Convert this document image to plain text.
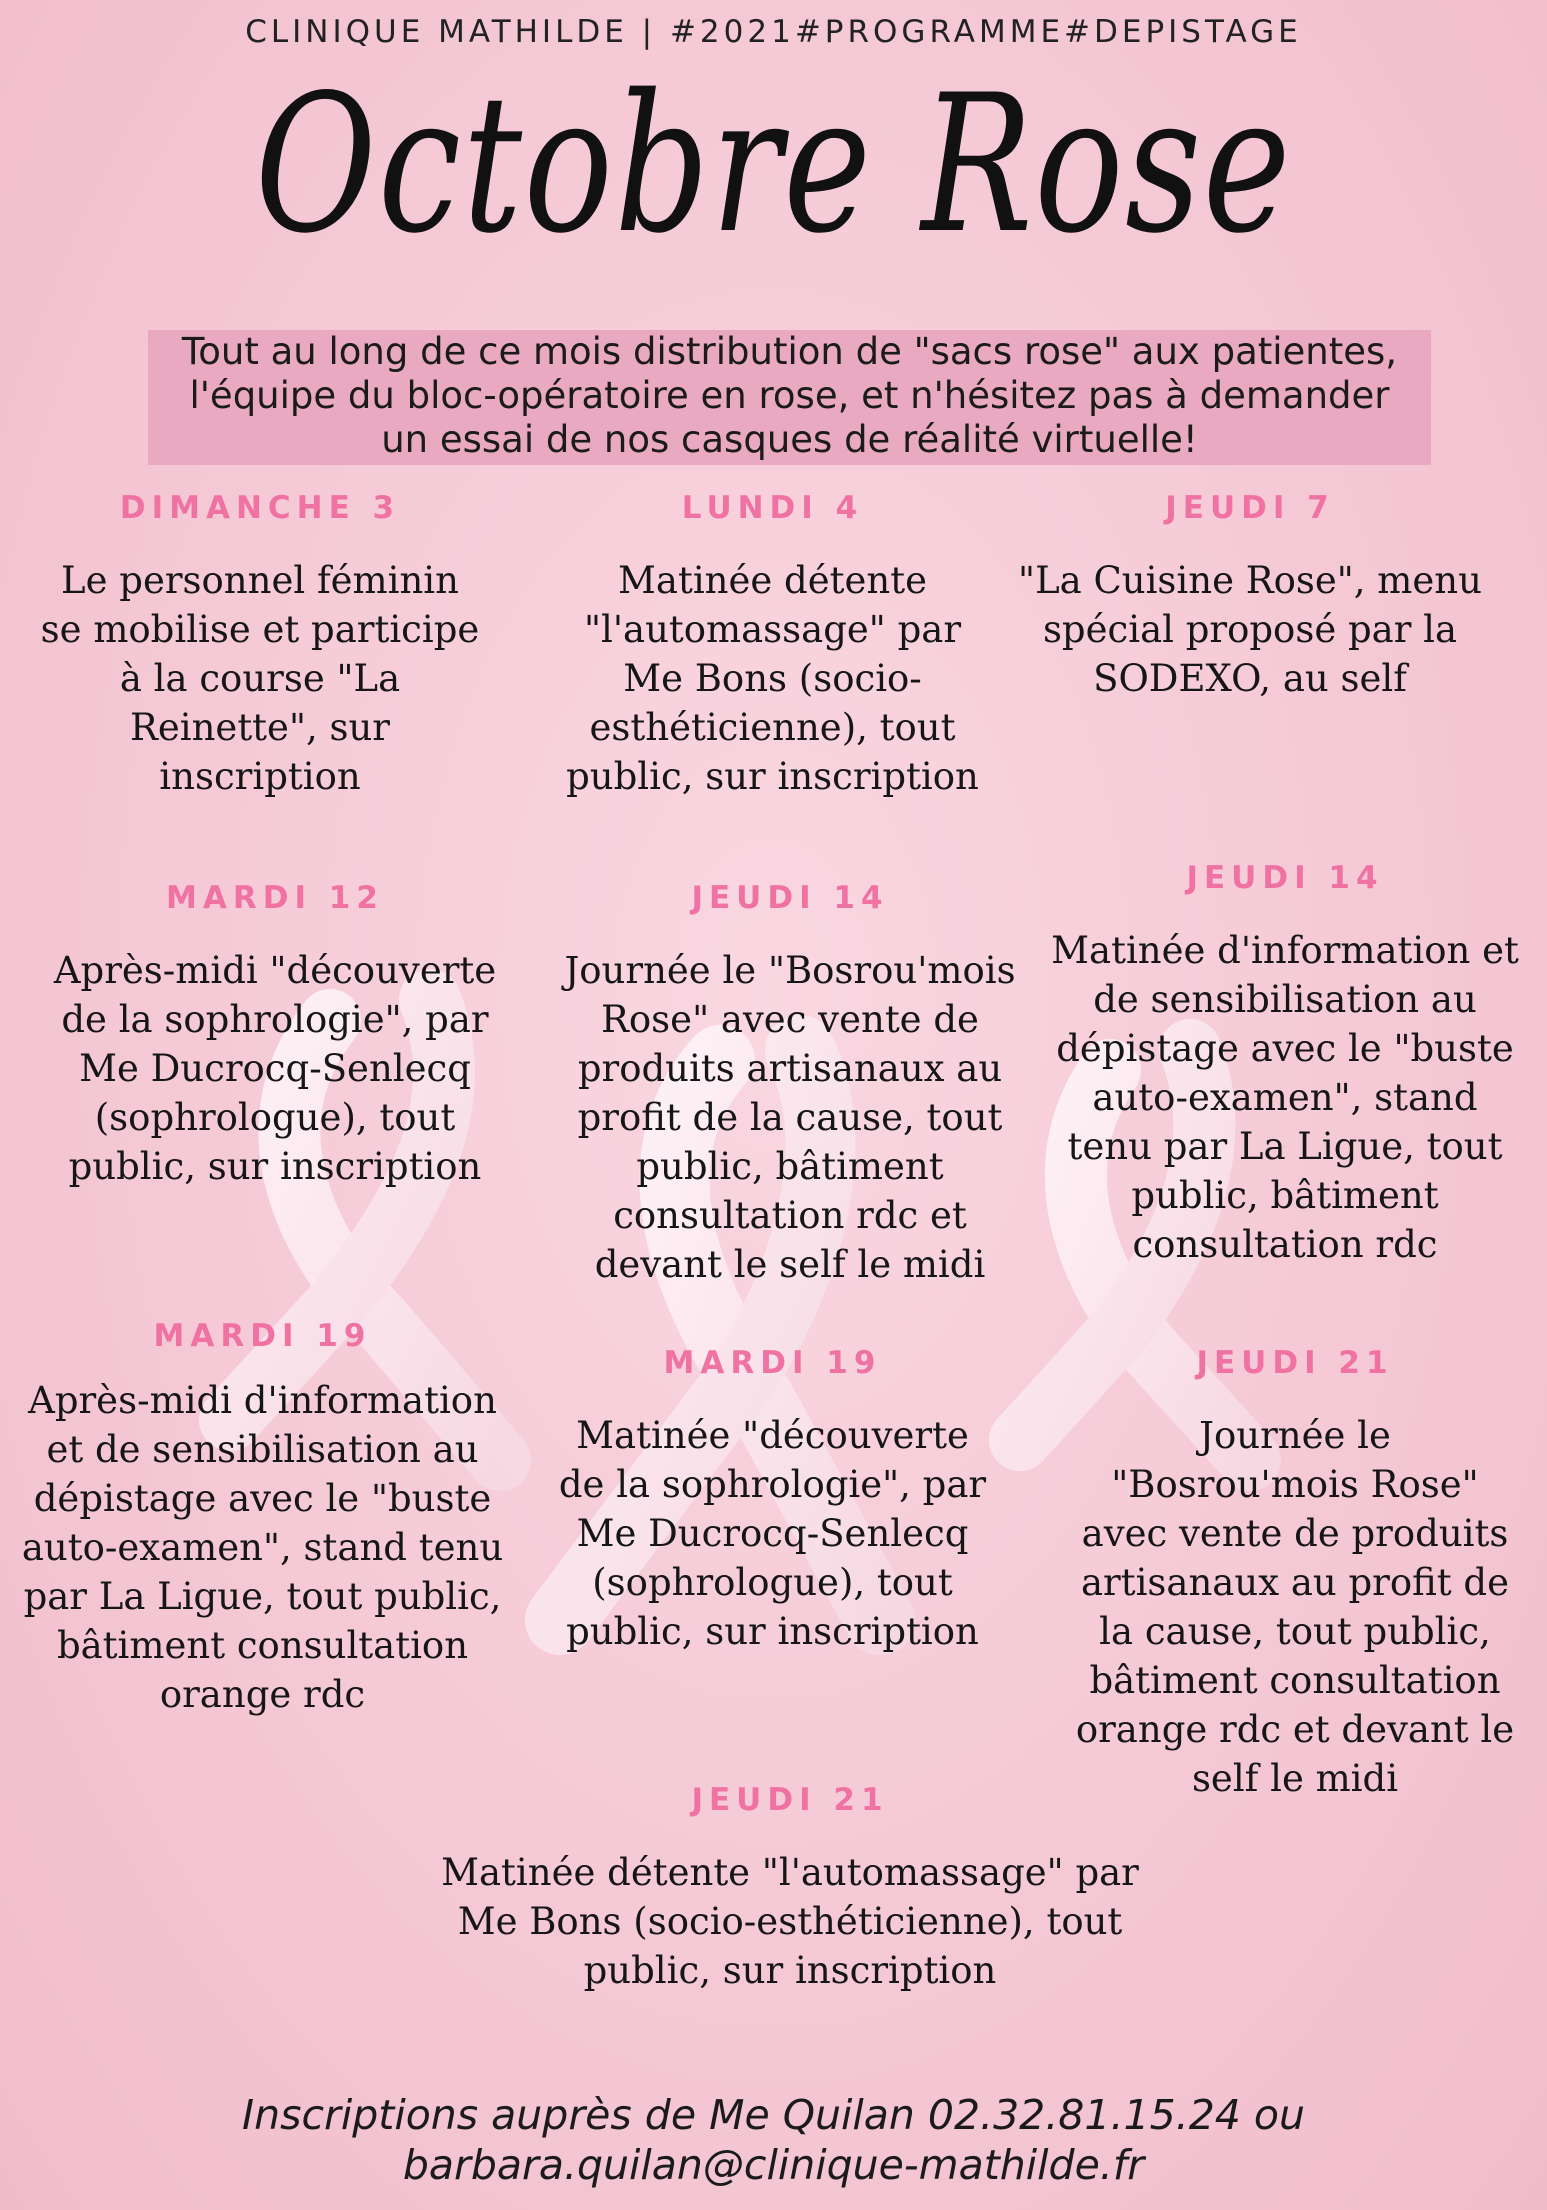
CLINIQUE MATHILDE | #2021#PROGRAMME#DEPISTAGE
Octobre Rose
Tout au long de ce mois distribution de "sacs rose" aux patientes,
l'équipe du bloc-opératoire en rose, et n'hésitez pas à demander
un essai de nos casques de réalité virtuelle!
DIMANCHE 3
Le personnel féminin se mobilise et participe à la course "La Reinette", sur inscription
LUNDI 4
Matinée détente "l'automassage" par Me Bons (socio-esthéticienne), tout public, sur inscription
JEUDI 7
"La Cuisine Rose", menu spécial proposé par la SODEXO, au self
MARDI 12
Après-midi "découverte de la sophrologie", par Me Ducrocq-Senlecq (sophrologue), tout public, sur inscription
JEUDI 14
Journée le "Bosrou'mois Rose" avec vente de produits artisanaux au profit de la cause, tout public, bâtiment consultation rdc et devant le self le midi
JEUDI 14
Matinée d'information et de sensibilisation au dépistage avec le "buste auto-examen", stand tenu par La Ligue, tout public, bâtiment consultation rdc
MARDI 19
Après-midi d'information et de sensibilisation au dépistage avec le "buste auto-examen", stand tenu par La Ligue, tout public, bâtiment consultation orange rdc
MARDI 19
Matinée "découverte de la sophrologie", par Me Ducrocq-Senlecq (sophrologue), tout public, sur inscription
JEUDI 21
Journée le "Bosrou'mois Rose" avec vente de produits artisanaux au profit de la cause, tout public, bâtiment consultation orange rdc et devant le self le midi
JEUDI 21
Matinée détente "l'automassage" par Me Bons (socio-esthéticienne), tout public, sur inscription
Inscriptions auprès de Me Quilan 02.32.81.15.24 ou
barbara.quilan@clinique-mathilde.fr
